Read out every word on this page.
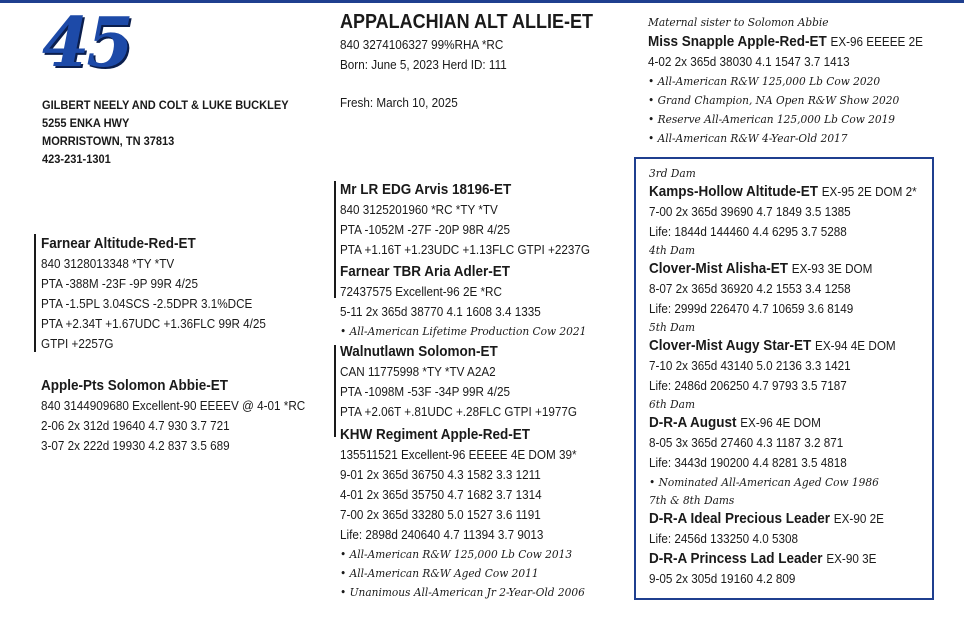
45
GILBERT NEELY AND COLT & LUKE BUCKLEY
5255 ENKA HWY
MORRISTOWN, TN 37813
423-231-1301
APPALACHIAN ALT ALLIE-ET
840 3274106327 99%RHA *RC
Born: June 5, 2023 Herd ID: 111
Fresh: March 10, 2025
Farnear Altitude-Red-ET
840 3128013348 *TY *TV
PTA -388M -23F -9P 99R 4/25
PTA -1.5PL 3.04SCS -2.5DPR 3.1%DCE
PTA +2.34T +1.67UDC +1.36FLC 99R 4/25
GTPI +2257G
Apple-Pts Solomon Abbie-ET
840 3144909680 Excellent-90 EEEEV @ 4-01 *RC
2-06 2x 312d 19640 4.7 930 3.7 721
3-07 2x 222d 19930 4.2 837 3.5 689
Mr LR EDG Arvis 18196-ET
840 3125201960 *RC *TY *TV
PTA -1052M -27F -20P 98R 4/25
PTA +1.16T +1.23UDC +1.13FLC GTPI +2237G
Farnear TBR Aria Adler-ET
72437575 Excellent-96 2E *RC
5-11 2x 365d 38770 4.1 1608 3.4 1335
• All-American Lifetime Production Cow 2021
Walnutlawn Solomon-ET
CAN 11775998 *TY *TV A2A2
PTA -1098M -53F -34P 99R 4/25
PTA +2.06T +.81UDC +.28FLC GTPI +1977G
KHW Regiment Apple-Red-ET
135511521 Excellent-96 EEEEE 4E DOM 39*
9-01 2x 365d 36750 4.3 1582 3.3 1211
4-01 2x 365d 35750 4.7 1682 3.7 1314
7-00 2x 365d 33280 5.0 1527 3.6 1191
Life: 2898d 240640 4.7 11394 3.7 9013
• All-American R&W 125,000 Lb Cow 2013
• All-American R&W Aged Cow 2011
• Unanimous All-American Jr 2-Year-Old 2006
Maternal sister to Solomon Abbie
Miss Snapple Apple-Red-ET EX-96 EEEEE 2E
4-02 2x 365d 38030 4.1 1547 3.7 1413
• All-American R&W 125,000 Lb Cow 2020
• Grand Champion, NA Open R&W Show 2020
• Reserve All-American 125,000 Lb Cow 2019
• All-American R&W 4-Year-Old 2017
3rd Dam
Kamps-Hollow Altitude-ET EX-95 2E DOM 2*
7-00 2x 365d 39690 4.7 1849 3.5 1385
Life: 1844d 144460 4.4 6295 3.7 5288
4th Dam
Clover-Mist Alisha-ET EX-93 3E DOM
8-07 2x 365d 36920 4.2 1553 3.4 1258
Life: 2999d 226470 4.7 10659 3.6 8149
5th Dam
Clover-Mist Augy Star-ET EX-94 4E DOM
7-10 2x 365d 43140 5.0 2136 3.3 1421
Life: 2486d 206250 4.7 9793 3.5 7187
6th Dam
D-R-A August EX-96 4E DOM
8-05 3x 365d 27460 4.3 1187 3.2 871
Life: 3443d 190200 4.4 8281 3.5 4818
• Nominated All-American Aged Cow 1986
7th & 8th Dams
D-R-A Ideal Precious Leader EX-90 2E
Life: 2456d 133250 4.0 5308
D-R-A Princess Lad Leader EX-90 3E
9-05 2x 305d 19160 4.2 809
